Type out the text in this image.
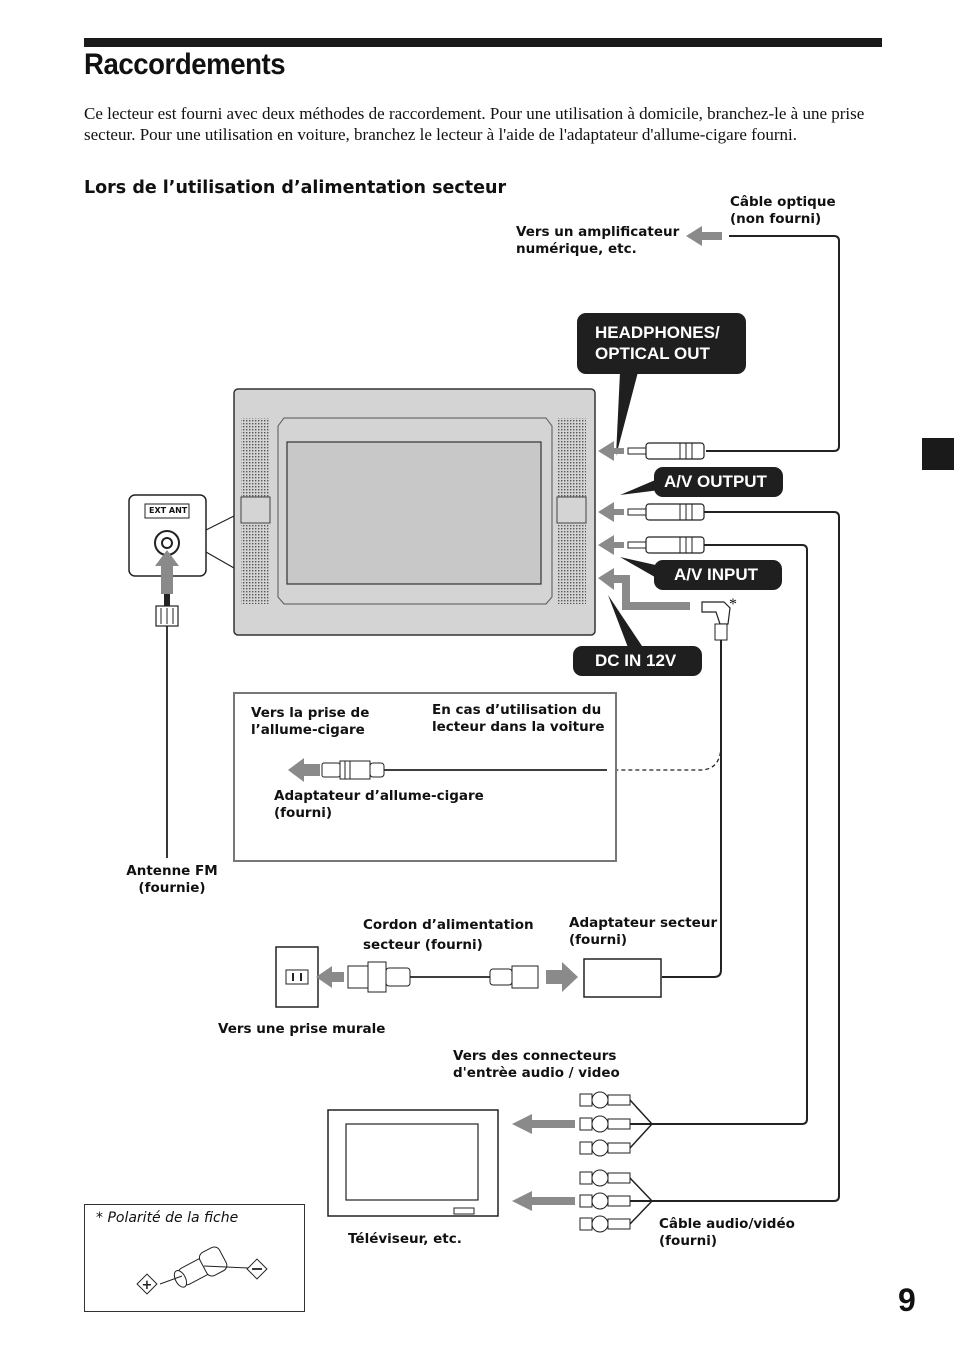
Raccordements
Ce lecteur est fourni avec deux méthodes de raccordement. Pour une utilisation à domicile, branchez-le à une prise secteur. Pour une utilisation en voiture, branchez le lecteur à l'aide de l'adaptateur d'allume-cigare fourni.
Lors de l’utilisation d’alimentation secteur
+
EXT ANT
Câble optique
(non fourni)
Vers un amplificateur
numérique, etc.
HEADPHONES/
OPTICAL OUT
A/V OUTPUT
A/V INPUT
DC IN 12V
*
Vers la prise de
l’allume-cigare
En cas d’utilisation du
lecteur dans la voiture
Adaptateur d’allume-cigare
(fourni)
Antenne FM
(fournie)
Cordon d’alimentation
secteur (fourni)
Adaptateur secteur
(fourni)
Vers une prise murale
Vers des connecteurs
d'entrèe audio / video
Téléviseur, etc.
Câble audio/vidéo
(fourni)
* Polarité de la fiche
9
